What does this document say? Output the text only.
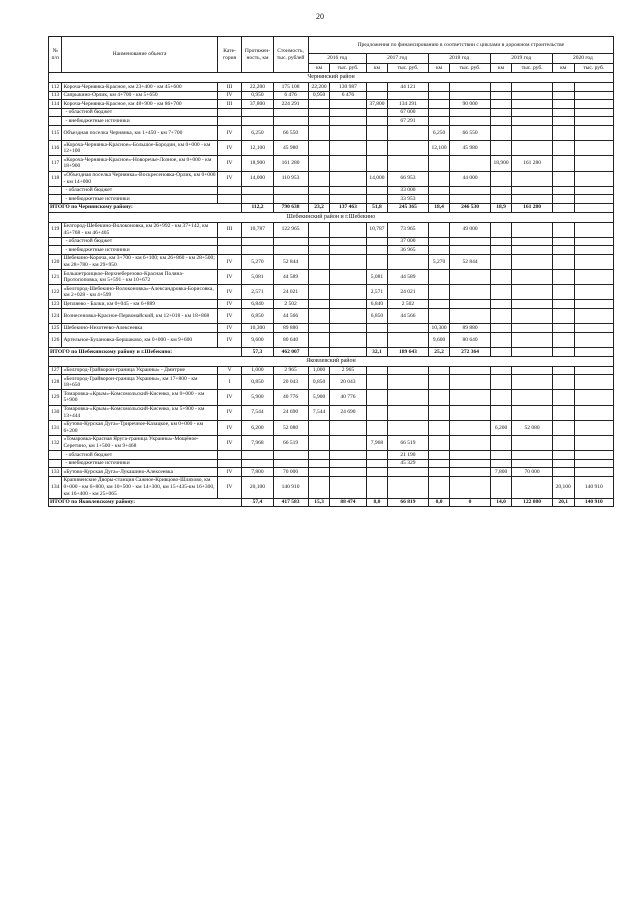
20
№ п/п	Наименование объекта	Кате-гория	Протяжен-ность, км	Стоимость, тыс. рублей	Предложения по финансированию в соответствии с циклами в дорожном строительстве									
					2016 год		2017 год		2018 год		2019 год		2020 год	
					км	тыс. руб.	км	тыс. руб.	км	тыс. руб.	км	тыс. руб.	км	тыс. руб.
Чернянский район														
112	Короча-Чернянка-Красное, км 23+400 - км 45+600	III	22,200	175 108	22,200	130 987		44 121						
113	Сапрыкино-Орлик, км 4+700 - км 5+650	IV	0,950	6 476	0,950	6 476								
114	Короча-Чернянка-Красное, км 48+900 - км 86+700	III	37,800	224 291			37,800	134 291		90 000				
	- областной бюджет							67 000						
	- внебюджетные источники							67 291						
115	Объездная поселка Чернянка, км 1+450 - км 7+700	IV	6,250	66 550					6,250	66 550				
116	«Короча-Чернянка-Красное»-Большое-Бородин, км 0+000 - км 12+100	IV	12,100	45 980					12,100	45 980				
117	«Короча-Чернянка-Красное»-Новоречье-Лозное, км 0+000 - км 18+900	IV	18,900	161 280							18,900	161 280		
118	«Объездная поселка Чернянка»-Воскресеновка-Орлик, км 0+000 - км 14+000	IV	14,000	110 953			14,000	66 953		44 000				
	- областной бюджет							33 000						
	- внебюджетные источники							33 953						
ИТОГО по Чернянскому району:			112,2	790 638	23,2	137 463	51,8	245 365	18,4	246 530	18,9	161 280		
Шебекинский район и г.Шебекино														
119	Белгород-Шебекино-Волоконовка, км 26+992 - км 37+142, км 45+768 - км 46+405	III	10,787	122 965			10,787	73 965		49 000				
	- областной бюджет							37 000						
	- внебюджетные источники							36 965						
120	Шебекино-Короча, км 3+700 - км 6+100; км 26+860 - км 28+500; км 28+780 - км 29+950	IV	5,270	52 844					5,270	52 844				
121	Большетроицкое-Верхнеберезово-Красная Поляна-Протопоповка, км 5+591 - км 10+672	IV	5,081	44 589			5,081	44 589						
122	«Белгород-Шебекино-Волоконовка»-Александровка-Борисовка, км 2+028 - км 4+599	IV	2,571	24 021			2,571	24 021						
123	Цепляево - Балки, км 0+045 - км 6+889	IV	6,840	2 502			6,840	2 502						
124	Вознесеновка-Красное-Первомайский, км 12+018 - км 18+868	IV	6,850	44 566			6,850	44 566						
125	Шебекино-Нехотеево-Алексеевка	IV	10,300	89 880					10,300	89 880				
126	Артельное-Булановка-Бершаково, км 0+000 - км 9+600	IV	9,600	80 640					9,600	80 640				
ИТОГО по Шебекинскому району и г.Шебекино:			57,3	462 007			32,1	189 643	25,2	272 364				
Яковлевский район														
127	«Белгород-Грайворон-граница Украины» - Дмитрие	V	1,000	2 965	1,000	2 965								
128	«Белгород-Грайворон-граница Украины», км 17+800 - км 18+650	I	0,850	20 043	0,850	20 043								
129	Томаровка-«Крым»-Комсомольский-Кисенко, км 0+000 - км 5+900	IV	5,900	40 776	5,900	40 776								
130	Томаровка-«Крым»-Комсомольский-Кисенко, км 5+900 - км 13+444	IV	7,544	24 690	7,544	24 690								
131	«Бутово-Курская Дуга»-Триречное-Казацкое, км 0+000 - км 6+200	IV	6,200	52 080							6,200	52 080		
132	«Томаровка-Красная Яруга-граница Украины»-Мощёное-Серетино, км 1+500 - км 9+468	IV	7,968	66 519			7,968	66 519						
	- областной бюджет							21 190						
	- внебюджетные источники							45 329						
133	«Бутово-Курская Дуга»-Лукашино-Алексеевка	IV	7,800	70 000							7,800	70 000		
134	Крапивенские Дворы-станция Сажное-Кривцово-Шляхово, км 0+000 - км 6+800, км 10+500 - км 14+300, км 15+435-км 16+300, км 16+400 - км 25+065	IV	20,100	140 910									20,100	140 910
ИТОГО по Яковлевскому району:			57,4	417 583	15,3	88 474	8,0	66 819	0,0	0	14,0	122 080	20,1	140 910
